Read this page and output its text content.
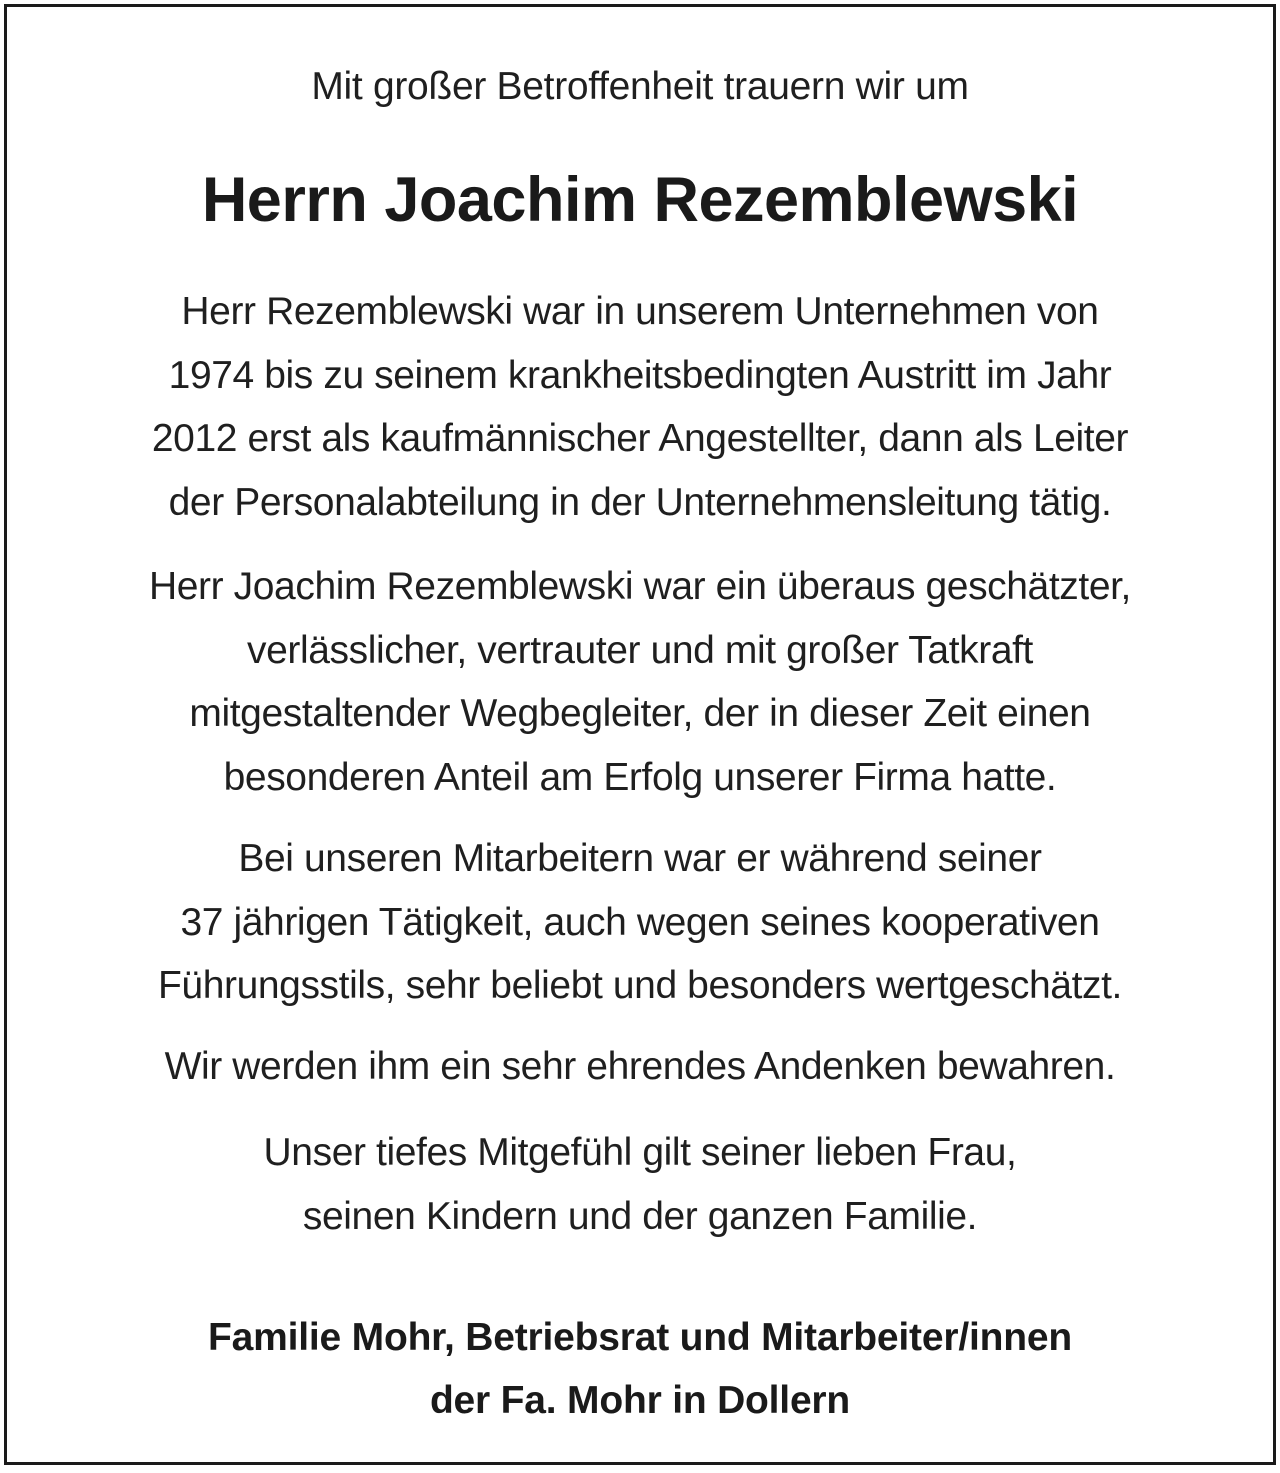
Mit großer Betroffenheit trauern wir um
Herrn Joachim Rezemblewski
Herr Rezemblewski war in unserem Unternehmen von
1974 bis zu seinem krankheitsbedingten Austritt im Jahr
2012 erst als kaufmännischer Angestellter, dann als Leiter
der Personalabteilung in der Unternehmensleitung tätig.
Herr Joachim Rezemblewski war ein überaus geschätzter,
verlässlicher, vertrauter und mit großer Tatkraft
mitgestaltender Wegbegleiter, der in dieser Zeit einen
besonderen Anteil am Erfolg unserer Firma hatte.
Bei unseren Mitarbeitern war er während seiner
37 jährigen Tätigkeit, auch wegen seines kooperativen
Führungsstils, sehr beliebt und besonders wertgeschätzt.
Wir werden ihm ein sehr ehrendes Andenken bewahren.
Unser tiefes Mitgefühl gilt seiner lieben Frau,
seinen Kindern und der ganzen Familie.
Familie Mohr, Betriebsrat und Mitarbeiter/innen
der Fa. Mohr in Dollern
